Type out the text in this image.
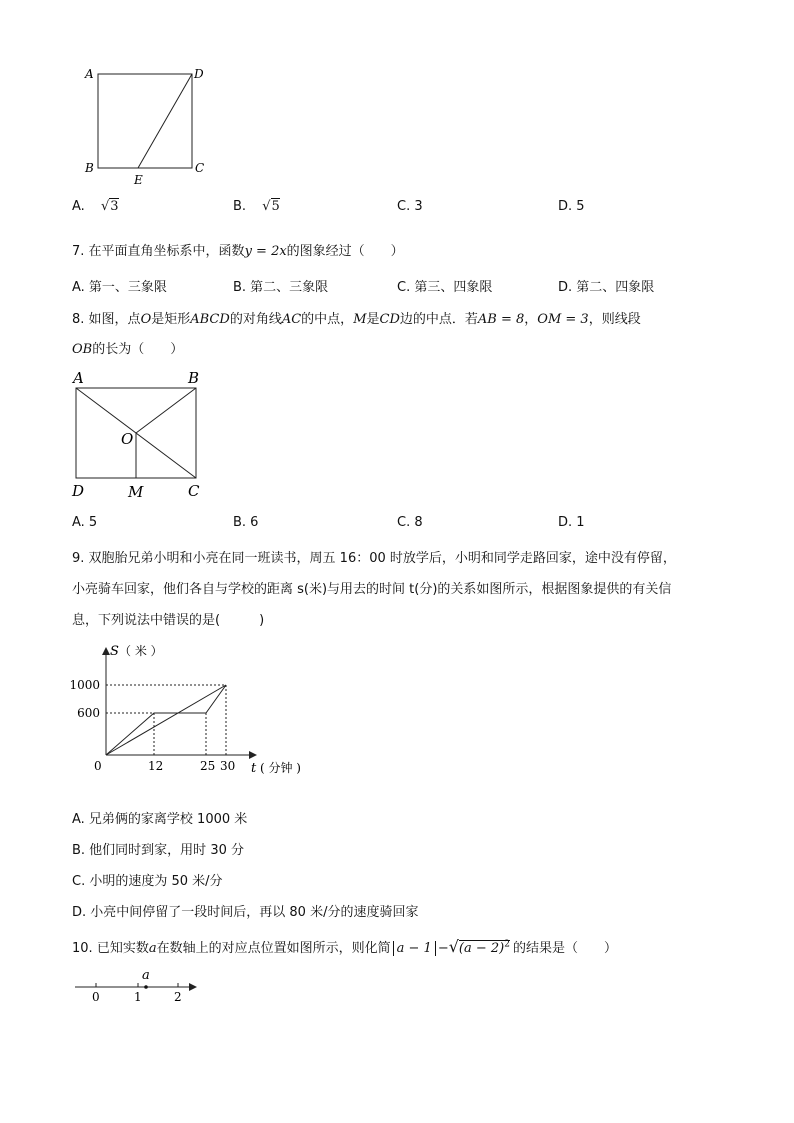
A	D
B	C
E
A. √3	B. √5	C. 3	D. 5
7. 在平面直角坐标系中，函数y = 2x的图象经过（　　）
A. 第一、三象限	B. 第二、三象限	C. 第三、四象限	D. 第二、四象限
8. 如图，点O是矩形ABCD的对角线AC的中点，M是CD边的中点．若AB = 8，OM = 3，则线段
OB的长为（　　）
A	B
D	C
O
M
A. 5	B. 6	C. 8	D. 1
9. 双胞胎兄弟小明和小亮在同一班读书，周五 16：00 时放学后，小明和同学走路回家，途中没有停留，
小亮骑车回家，他们各自与学校的距离 s(米)与用去的时间 t(分)的关系如图所示，根据图象提供的有关信
息，下列说法中错误的是(　　　)
0	12	25 30
600
1000
S （ 米 ）
t ( 分钟 )
A. 兄弟俩的家离学校 1000 米
B. 他们同时到家，用时 30 分
C. 小明的速度为 50 米/分
D. 小亮中间停留了一段时间后，再以 80 米/分的速度骑回家
10. 已知实数a在数轴上的对应点位置如图所示，则化简 $a - 1 -√(a - 2)^2$ 的结果是（　　）
a
0	1	2
